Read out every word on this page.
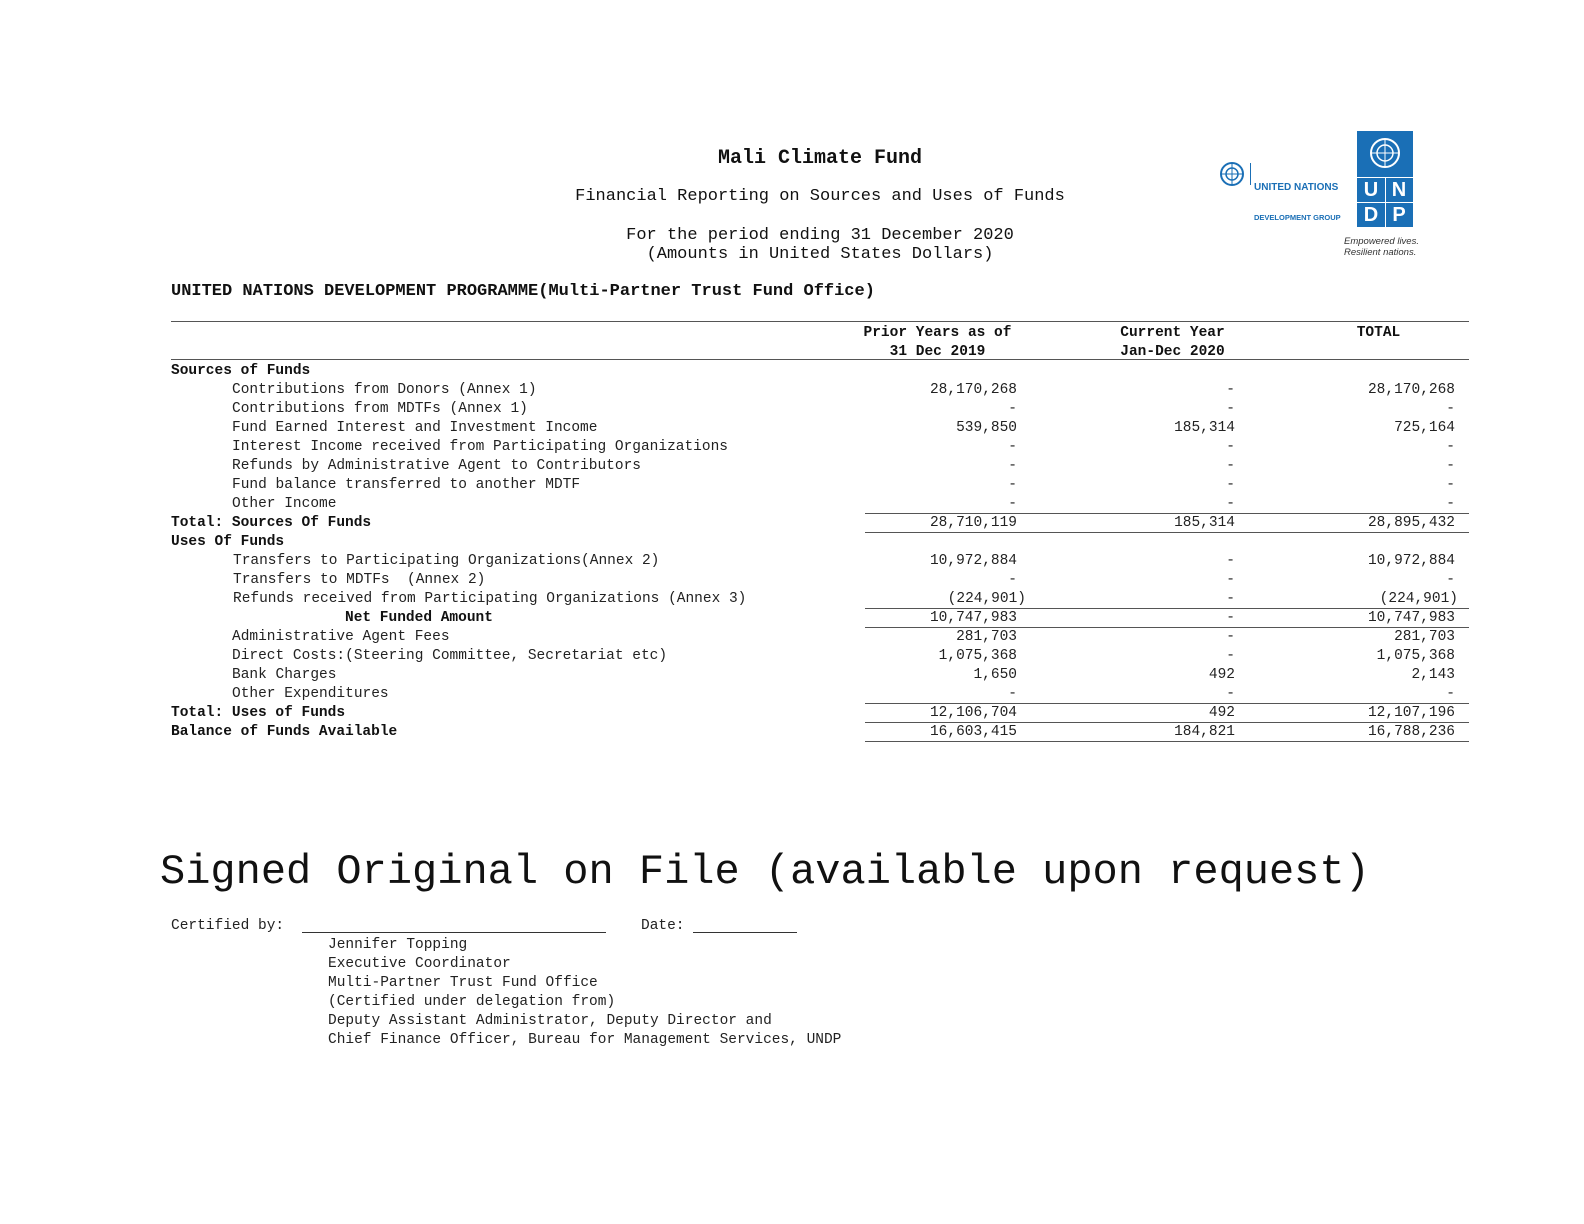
Mali Climate Fund
Financial Reporting on Sources and Uses of Funds
For the period ending 31 December 2020
(Amounts in United States Dollars)

UNITED NATIONS

DEVELOPMENT GROUP

U N
D P
Empowered lives.
Resilient nations.
UNITED NATIONS DEVELOPMENT PROGRAMME(Multi-Partner Trust Fund Office)
Prior Years as of
31 Dec 2019
Current Year
Jan-Dec 2020
TOTAL
Sources of Funds
Contributions from Donors (Annex 1)	28,170,268	-	28,170,268
Contributions from MDTFs (Annex 1)	-	-	-
Fund Earned Interest and Investment Income	539,850	185,314	725,164
Interest Income received from Participating Organizations	-	-	-
Refunds by Administrative Agent to Contributors	-	-	-
Fund balance transferred to another MDTF	-	-	-
Other Income	-	-	-
Total: Sources Of Funds	28,710,119	185,314	28,895,432
Uses Of Funds
Transfers to Participating Organizations(Annex 2)	10,972,884	-	10,972,884
Transfers to MDTFs  (Annex 2)	-	-	-
Refunds received from Participating Organizations (Annex 3)	(224,901)	-	(224,901)
Net Funded Amount	10,747,983	-	10,747,983
Administrative Agent Fees	281,703	-	281,703
Direct Costs:(Steering Committee, Secretariat etc)	1,075,368	-	1,075,368
Bank Charges	1,650	492	2,143
Other Expenditures	-	-	-
Total: Uses of Funds	12,106,704	492	12,107,196
Balance of Funds Available	16,603,415	184,821	16,788,236
Signed Original on File (available upon request)
Certified by:	Date:
Jennifer Topping
Executive Coordinator
Multi-Partner Trust Fund Office
(Certified under delegation from)
Deputy Assistant Administrator, Deputy Director and
Chief Finance Officer, Bureau for Management Services, UNDP
